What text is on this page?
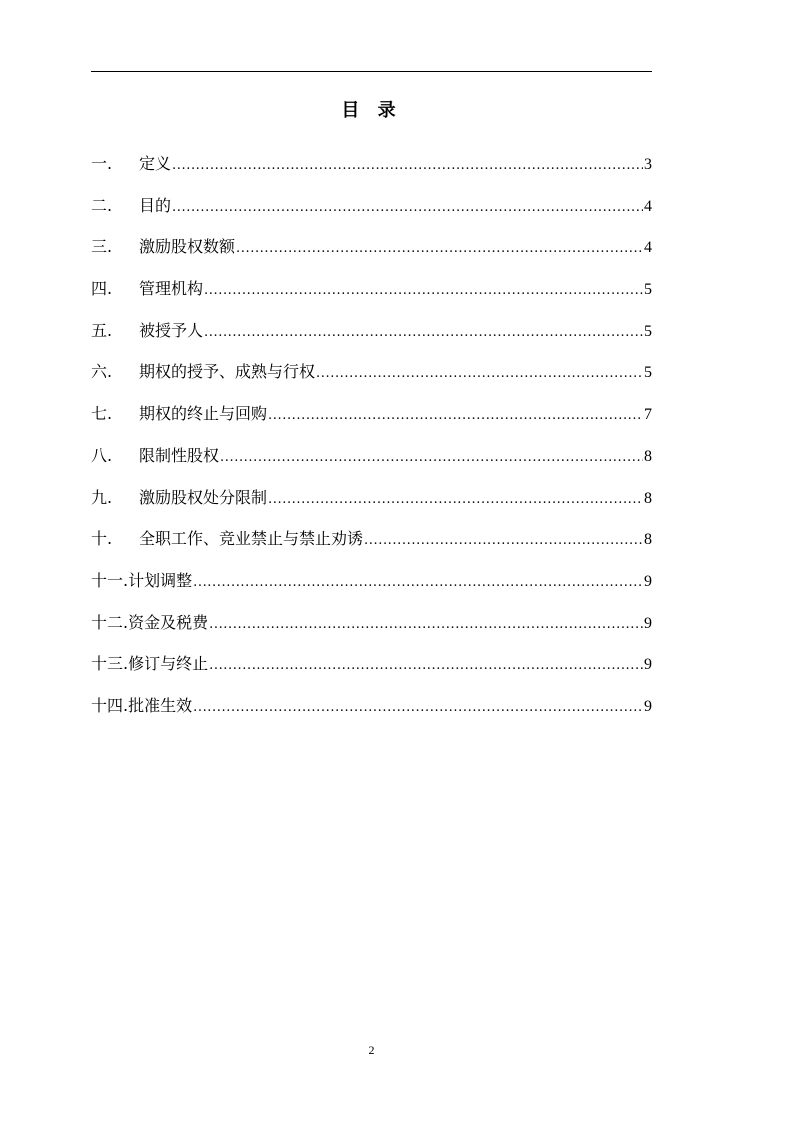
目 录
一.	定义 .....	3
二.	目的 .....	4
三.	激励股权数额 .....	4
四.	管理机构 .....	5
五.	被授予人 .....	5
六.	期权的授予、成熟与行权 .....	5
七.	期权的终止与回购 .....	7
八.	限制性股权 .....	8
九.	激励股权处分限制 .....	8
十.	全职工作、竞业禁止与禁止劝诱 .....	8
十一. 计划调整 .....	9
十二. 资金及税费 .....	9
十三. 修订与终止 .....	9
十四. 批准生效 .....	9
2
